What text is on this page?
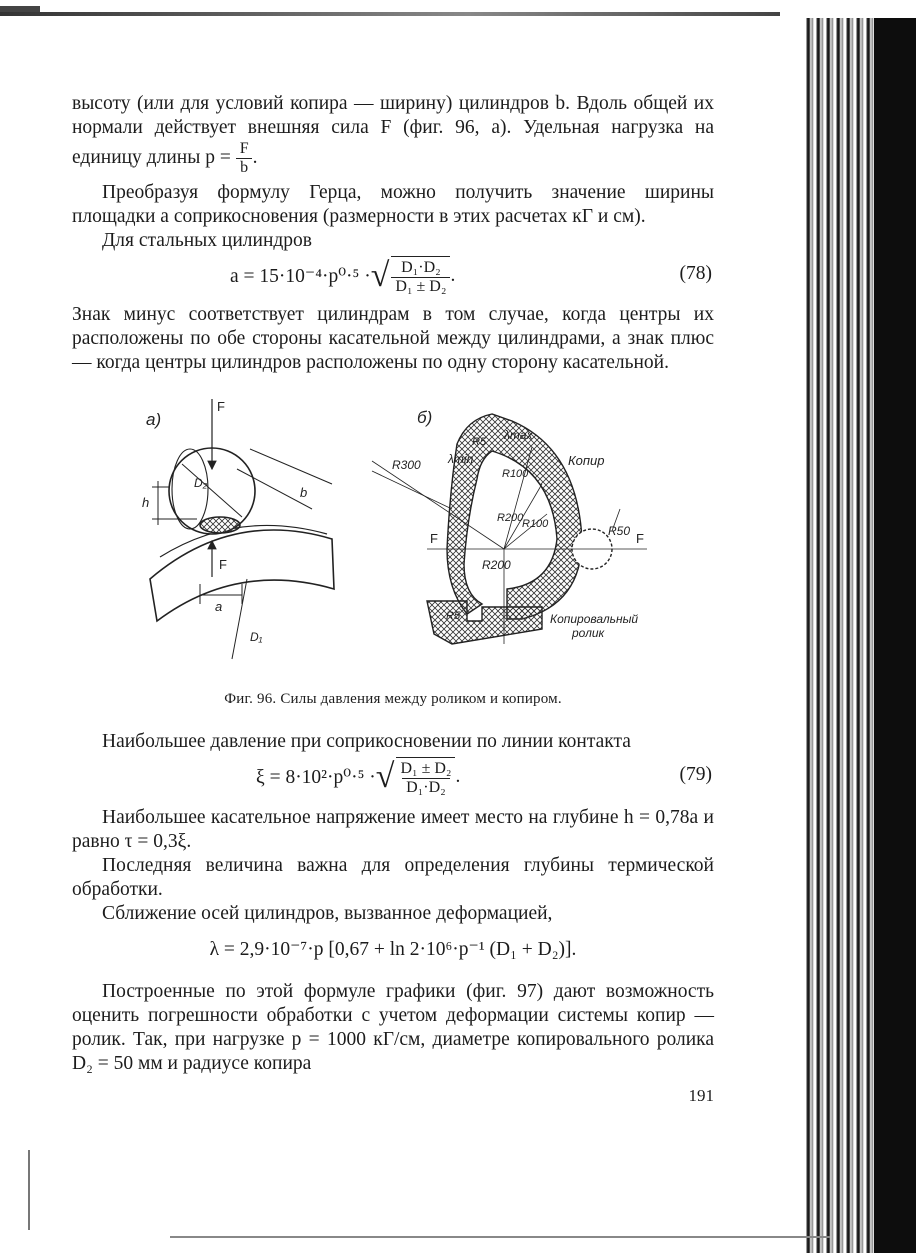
высоту (или для условий копира — ширину) цилиндров b. Вдоль общей их нормали действует внешняя сила F (фиг. 96, a). Удельная нагрузка на единицу длины $p = \frac{F}{b}$ .

Преобразуя формулу Герца, можно получить значение ширины площадки a соприкосновения (размерности в этих расчетах кГ и см).

Для стальных цилиндров

a = 15·10⁻⁴·p⁰·⁵ · √ $\frac{\text{D₁·D₂}}{\text{D₁ ± D₂}}$ .	(78)

Знак минус соответствует цилиндрам в том случае, когда центры их расположены по обе стороны касательной между цилиндрами, а знак плюс — когда центры цилиндров расположены по одну сторону касательной.

a)
F
F
D₂
b
h
a
D₁
б)
λmax
λmin
R5
R300
R100
Копир
R200
R100
R200
R50
F	F
R5	Копировальный
ролик
Фиг. 96. Силы давления между роликом и копиром.

Наибольшее давление при соприкосновении по линии контакта

ξ = 8·10²·p⁰·⁵ · √ $\frac{\text{D₁ ± D₂}}{\text{D₁·D₂}}$ .	(79)

Наибольшее касательное напряжение имеет место на глубине h = 0,78a и равно τ = 0,3ξ.

Последняя величина важна для определения глубины термической обработки.

Сближение осей цилиндров, вызванное деформацией,

λ = 2,9·10⁻⁷·p [0,67 + ln 2·10⁶·p⁻¹ (D₁ + D₂)].

Построенные по этой формуле графики (фиг. 97) дают возможность оценить погрешности обработки с учетом деформации системы копир — ролик. Так, при нагрузке p = 1000 кГ/см, диаметре копировального ролика D₂ = 50 мм и радиусе копира

191
